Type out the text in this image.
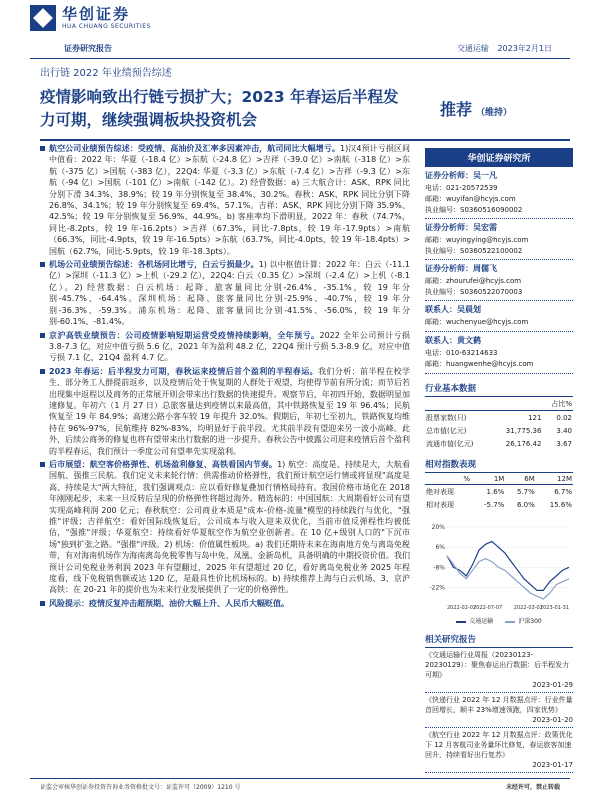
华创证券
HUA CHUANG SECURITIES
证券研究报告	交通运输 2023年2月1日
出行链 2022 年业绩预告综述
疫情影响致出行链亏损扩大；2023 年春运后半程发力可期，继续强调板块投资机会
推荐 （维持）
航空公司业绩预告综述：受疫情、高油价及汇率多因素冲击，航司同比大幅增亏。1)汉4预计亏损区间中值看：2022 年：华夏（-18.4 亿）>东航（-24.8 亿）>吉祥（-39.0 亿）>南航（-318 亿）>东航（-375 亿）>国航（-383 亿），22Q4: 华夏（-3.3 亿）>东航（-7.4 亿）>吉祥（-9.3 亿）>东航（-94 亿）>国航（-101 亿）>南航（-142 亿）。2) 经营数据：a) 三大航合计：ASK、RPK 同比分别下滑 34.3%、38.9%；较 19 年分别恢复至 38.4%、30.2%。春秋：ASK、RPK 同比分别下降 26.8%、34.1%；较 19 年分别恢复至 69.4%、57.1%。吉祥：ASK、RPK 同比分别下降 35.9%、42.5%；较 19 年分别恢复至 56.9%、44.9%。b) 客座率均下滑明显，2022 年：春秋（74.7%，同比-8.2pts，较 19 年-16.2pts）>吉祥（67.3%，同比-7.8pts，较 19 年-17.9pts）>南航（66.3%，同比-4.9pts，较 19 年-16.5pts）>东航（63.7%，同比-4.0pts，较 19 年-18.4pts）>国航（62.7%，同比-5.9pts，较 19 年-18.3pts）。
机场公司业绩预告综述：各机场同比增亏，白云亏损最少。1) 以中枢值计算：2022 年：白云（-11.1 亿）>深圳（-11.3 亿）>上机（-29.2 亿），22Q4: 白云（0.35 亿）>深圳（-2.4 亿）>上机（-8.1 亿）。2) 经营数据：白云机场：起降、旅客量同比分别-26.4%、-35.1%，较 19 年分别-45.7%、-64.4%。深圳机场：起降、旅客量同比分别-25.9%、-40.7%，较 19 年分别-36.3%、-59.3%。浦东机场：起降、旅客量同比分别-41.5%、-56.0%，较 19 年分别-60.1%、-81.4%。
京沪高铁业绩预告：公司疫情影响短期运营受疫情持续影响，全年预亏。2022 全年公司预计亏损 3.8-7.3 亿，对应中值亏损 5.6 亿，2021 年为盈利 48.2 亿，22Q4 预计亏损 5.3-8.9 亿，对应中值亏损 7.1 亿，21Q4 盈利 4.7 亿。
2023 年春运：后半程发力可期，春秋运来疫情后首个盈利的半程春运。我们分析：前半程在校学生、部分务工人群提前返乡，以及疫情后处于恢复期的人群处于观望，均使得节前有所分流；而节后若出现集中返程以及商务的正常展开则会带来出行数据的快速提升。观察节后，年初四开始，数据明显加速修复。年初六（1 月 27 日）总旅客量达到疫情以来最高值，其中铁路恢复至 19 年 96.4%；民航恢复至 19 年 84.9%；高速公路小客车较 19 年提升 32.0%。假期后，年初七至初九，铁路恢复均维持在 96%-97%，民航维持 82%-83%，均明显好于前半段。尤其前半段有望迎来另一波小高峰。此外，后续公商务的修复也将有望带来出行数据的进一步提升。春秋公告中披露公司迎来疫情后首个盈利的半程春运，我们预计一季度公司有望率先实现盈利。
后市展望：航空客价格弹性、机场盈利修复、高铁看国内节奏。1) 航空：高度是、持续是大，大航看国航、强推三民航。我们定义未来轮行情：供需推动价格弹性，我们预计航空运行情或将显现"高度是高、持续是大"两大特征，我们强调观点：应以看好修复叠加行情格局持有。我国价格市场化在 2018 年刚刚起步，未来一旦反转后呈现的价格弹性将超过海外。精选标的：中国国航：大周期看好公司有望实现高峰利润 200 亿元；春秋航空：公司商业本质是"成本-价格-流量"模型的持续践行与优化，"强推"评级；吉祥航空：看好国际线恢复后，公司成本与收入迎来双优化，当前市值反弹程性均被低估，"强推"评级；华夏航空：持续看好华夏航空作为航空业创新者。在 10 亿+级别人口的"下沉市场"独到扩张之路。"强推"评级。2) 机场：价值属性板块。a) 我们还期待未来在海南地方免与离岛免税带，有对海南机场作为海南离岛免税零售与岛中免、凤凰、金新岛机，具备明确的中期投资价值。我们预计公司免税业务利润 2023 年有望翻过，2025 年有望超过 20 亿，看好离岛免税业务 2025 年程度看，线下免税销售额或达 120 亿，是最具性价比机场标的。b) 持续推荐上海与白云机场、3、京沪高铁：在 20-21 年的提价也为未来行业发展提供了一定的价格弹性。
风险提示：疫情反复冲击超预期、油价大幅上升、人民币大幅贬值。
华创证券研究所
证券分析师：吴一凡
电话：021-20572539
邮箱：wuyifan@hcyjs.com
执业编号：S0360516090002
证券分析师：吴宏需
邮箱：wuyingying@hcyjs.com
执业编号：S0360522100002
证券分析师：周儒飞
邮箱：zhourufei@hcyjs.com
执业编号：S0360522070003
联系人：吴晨划
邮箱：wuchenyue@hcyjs.com
联系人：黄文鹤
电话：010-63214633
邮箱：huangwenhe@hcyjs.com
行业基本数据
		占比%
股票家数(只)	121	0.02
总市值(亿元)	31,775.36	3.40
流通市值(亿元)	26,176.42	3.67
相对指数表现
%	1M	6M	12M
绝对表现	1.6%	5.7%	6.7%
相对表现	-5.7%	6.0%	15.6%
20%
6%
-8%
-22%
2022-02-07
2022-07-07 2022-03-01
2023-01-31
交通运输	沪深300
相关研究报告
《交通运输行业周报（20230123-20230129）：聚焦春运出行数据：后半程发力可期》
2023-01-29
《快递行业 2022 年 12 月数据点评：行业件量首回增长，顺丰 23%增速领跑，四家优势》
2023-01-20
《航空行业 2022 年 12 月数据点评：政策优化下 12 月客航司业务量环比修复，春运旅客加速回升，持续看好出行复苏》
2023-01-17
证监会审核华创证券投资咨询业务资格批文号：证监许可（2009）1210 号	未经许可，禁止转载
